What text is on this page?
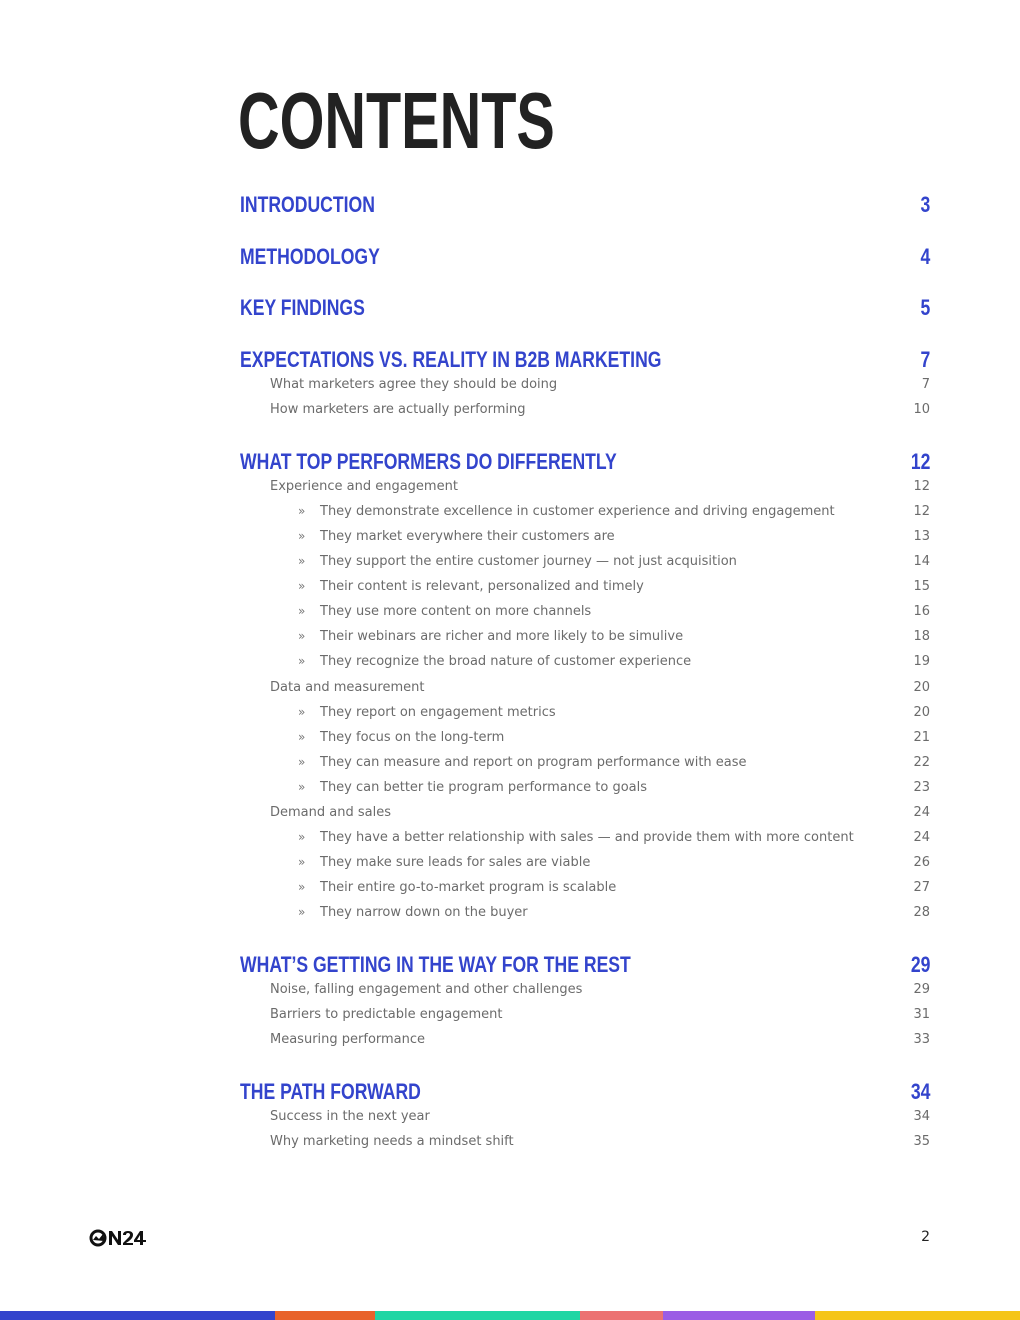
CONTENTS
INTRODUCTION	3
METHODOLOGY	4
KEY FINDINGS	5
EXPECTATIONS VS. REALITY IN B2B MARKETING	7
What marketers agree they should be doing	7
How marketers are actually performing	10
WHAT TOP PERFORMERS DO DIFFERENTLY	12
Experience and engagement	12
» They demonstrate excellence in customer experience and driving engagement	12
» They market everywhere their customers are	13
» They support the entire customer journey — not just acquisition	14
» Their content is relevant, personalized and timely	15
» They use more content on more channels	16
» Their webinars are richer and more likely to be simulive	18
» They recognize the broad nature of customer experience	19
Data and measurement	20
» They report on engagement metrics	20
» They focus on the long-term	21
» They can measure and report on program performance with ease	22
» They can better tie program performance to goals	23
Demand and sales	24
» They have a better relationship with sales — and provide them with more content	24
» They make sure leads for sales are viable	26
» Their entire go-to-market program is scalable	27
» They narrow down on the buyer	28
WHAT’S GETTING IN THE WAY FOR THE REST	29
Noise, falling engagement and other challenges	29
Barriers to predictable engagement	31
Measuring performance	33
THE PATH FORWARD	34
Success in the next year	34
Why marketing needs a mindset shift	35
2
